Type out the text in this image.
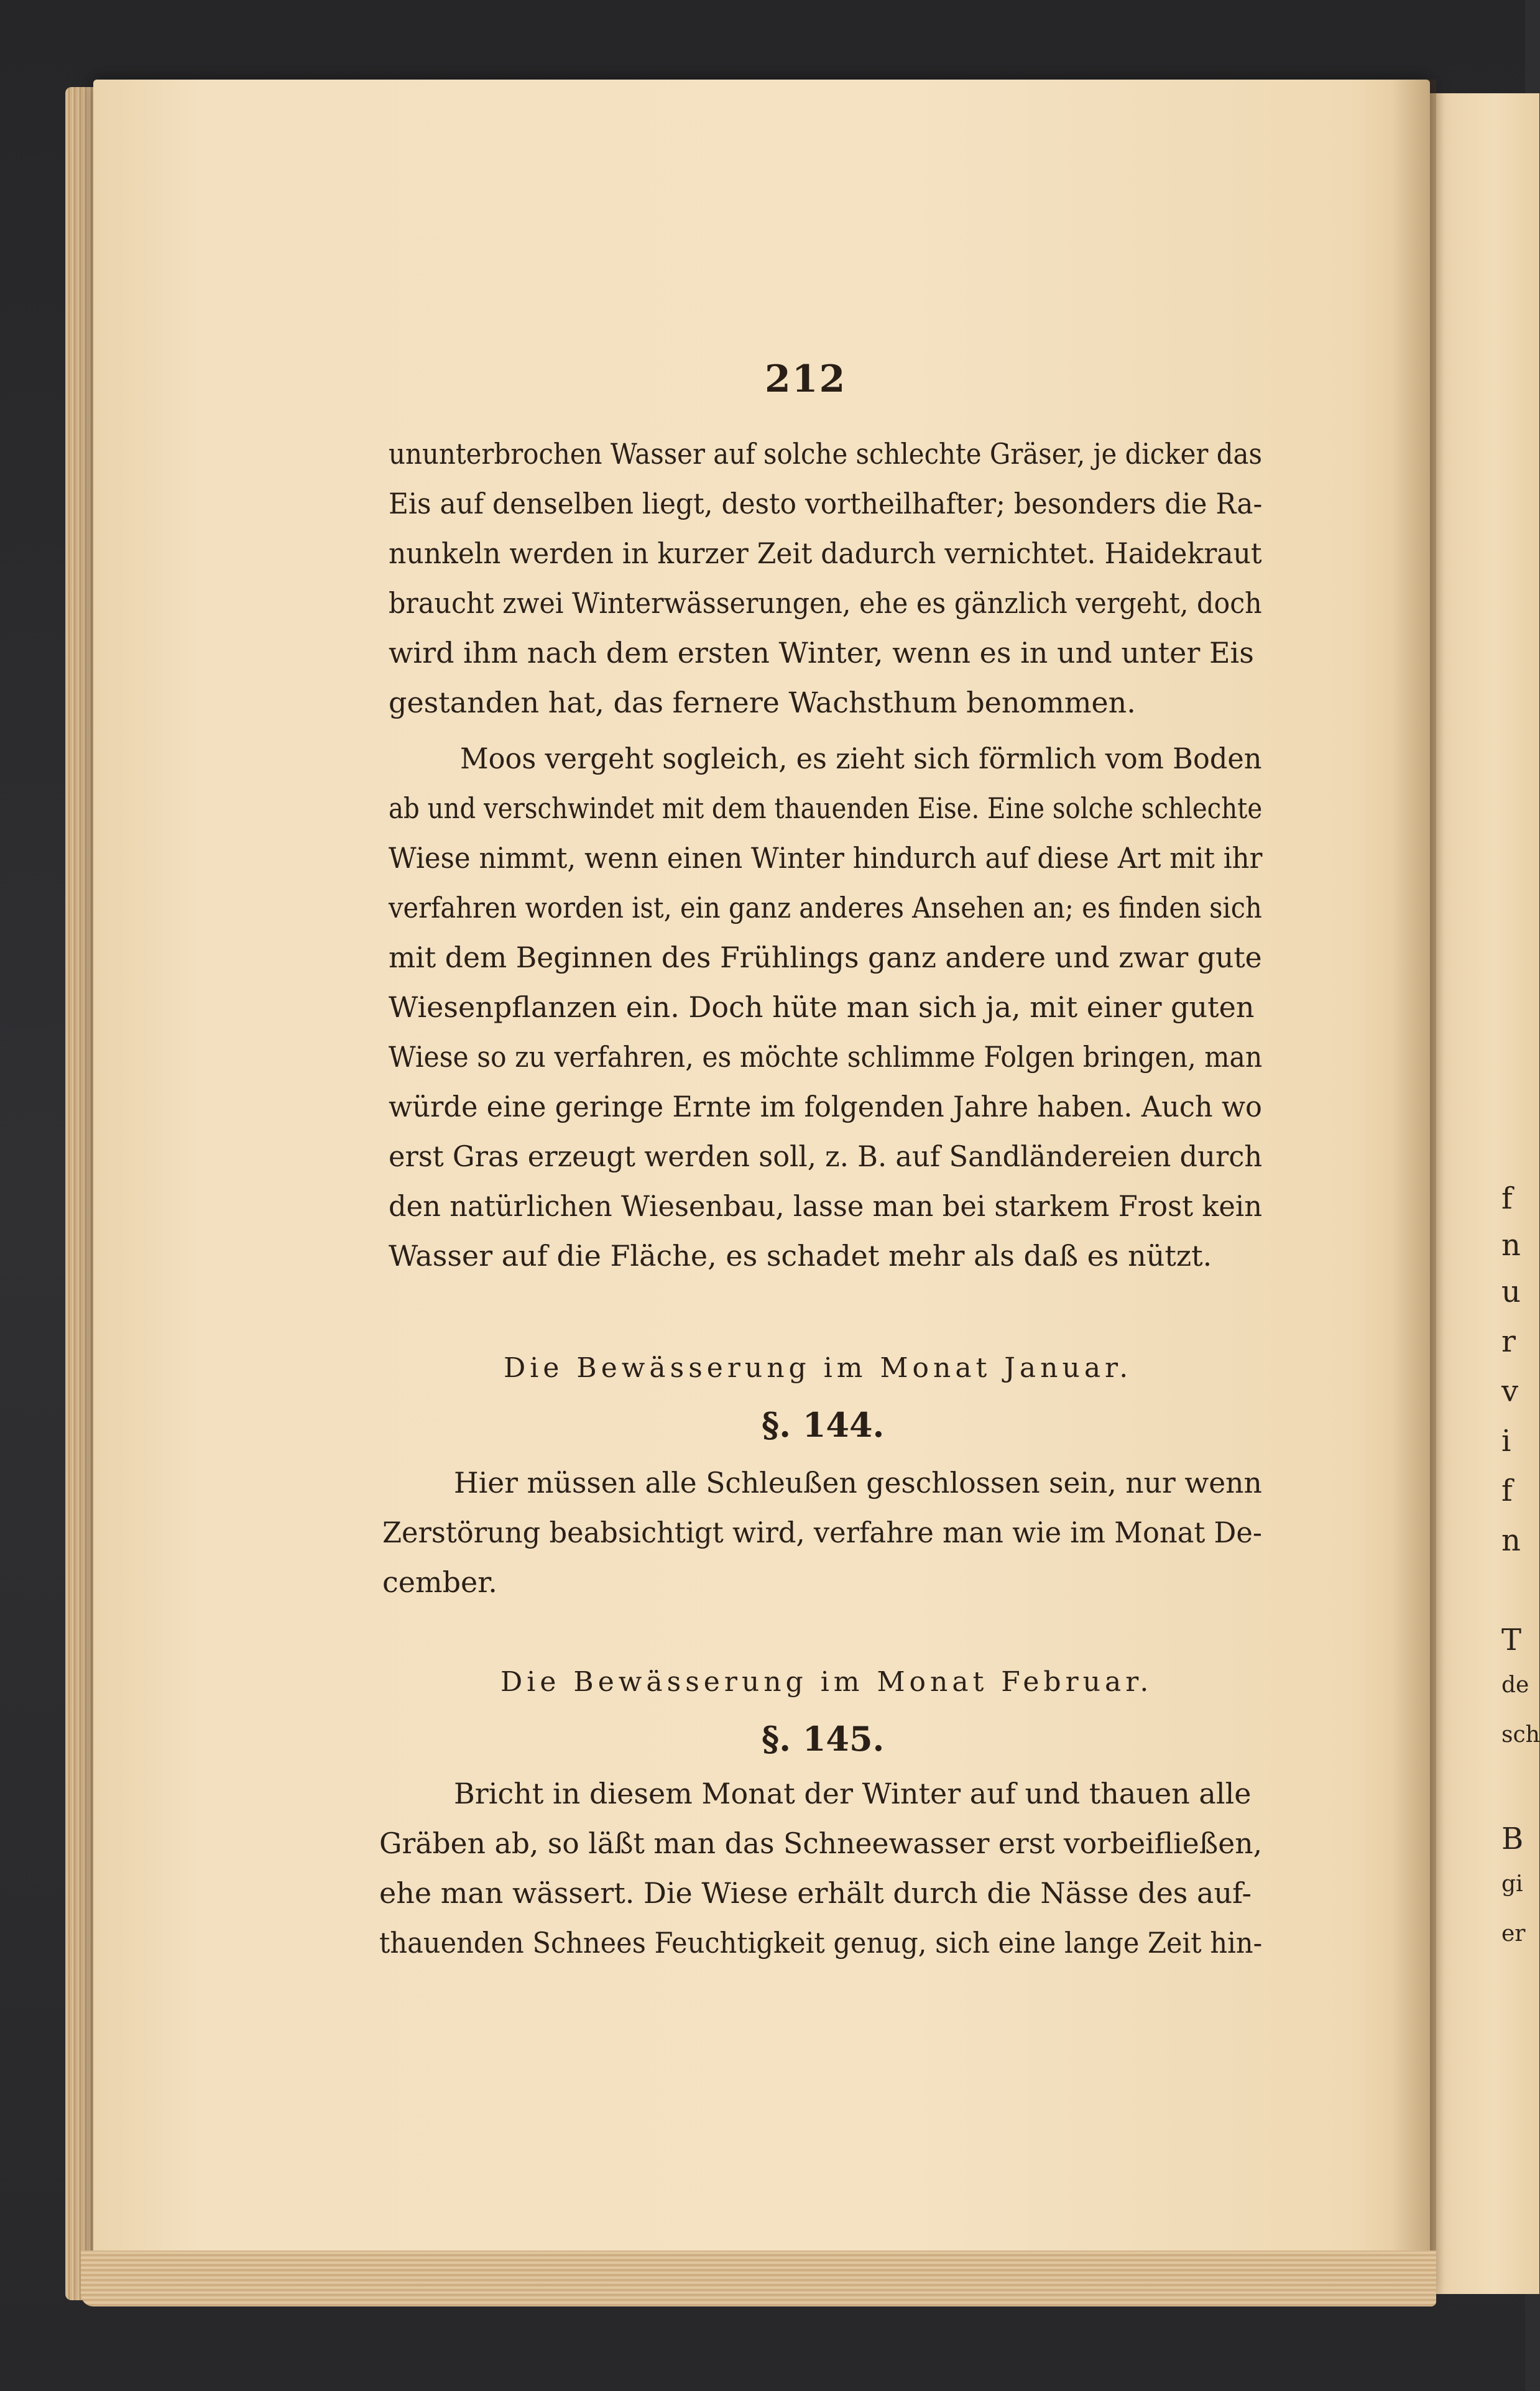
f
n
u
r
v
i
f
n
T
de
sch
B
gi
er
212
ununterbrochen Wasser auf solche schlechte Gräser, je dicker das
Eis auf denselben liegt, desto vortheilhafter; besonders die Ra-
nunkeln werden in kurzer Zeit dadurch vernichtet. Haidekraut
braucht zwei Winterwässerungen, ehe es gänzlich vergeht, doch
wird ihm nach dem ersten Winter, wenn es in und unter Eis
gestanden hat, das fernere Wachsthum benommen.
Moos vergeht sogleich, es zieht sich förmlich vom Boden
ab und verschwindet mit dem thauenden Eise. Eine solche schlechte
Wiese nimmt, wenn einen Winter hindurch auf diese Art mit ihr
verfahren worden ist, ein ganz anderes Ansehen an; es finden sich
mit dem Beginnen des Frühlings ganz andere und zwar gute
Wiesenpflanzen ein. Doch hüte man sich ja, mit einer guten
Wiese so zu verfahren, es möchte schlimme Folgen bringen, man
würde eine geringe Ernte im folgenden Jahre haben. Auch wo
erst Gras erzeugt werden soll, z. B. auf Sandländereien durch
den natürlichen Wiesenbau, lasse man bei starkem Frost kein
Wasser auf die Fläche, es schadet mehr als daß es nützt.
Die Bewässerung im Monat Januar.
§. 144.
Hier müssen alle Schleußen geschlossen sein, nur wenn
Zerstörung beabsichtigt wird, verfahre man wie im Monat De-
cember.
Die Bewässerung im Monat Februar.
§. 145.
Bricht in diesem Monat der Winter auf und thauen alle
Gräben ab, so läßt man das Schneewasser erst vorbeifließen,
ehe man wässert. Die Wiese erhält durch die Nässe des auf-
thauenden Schnees Feuchtigkeit genug, sich eine lange Zeit hin-
